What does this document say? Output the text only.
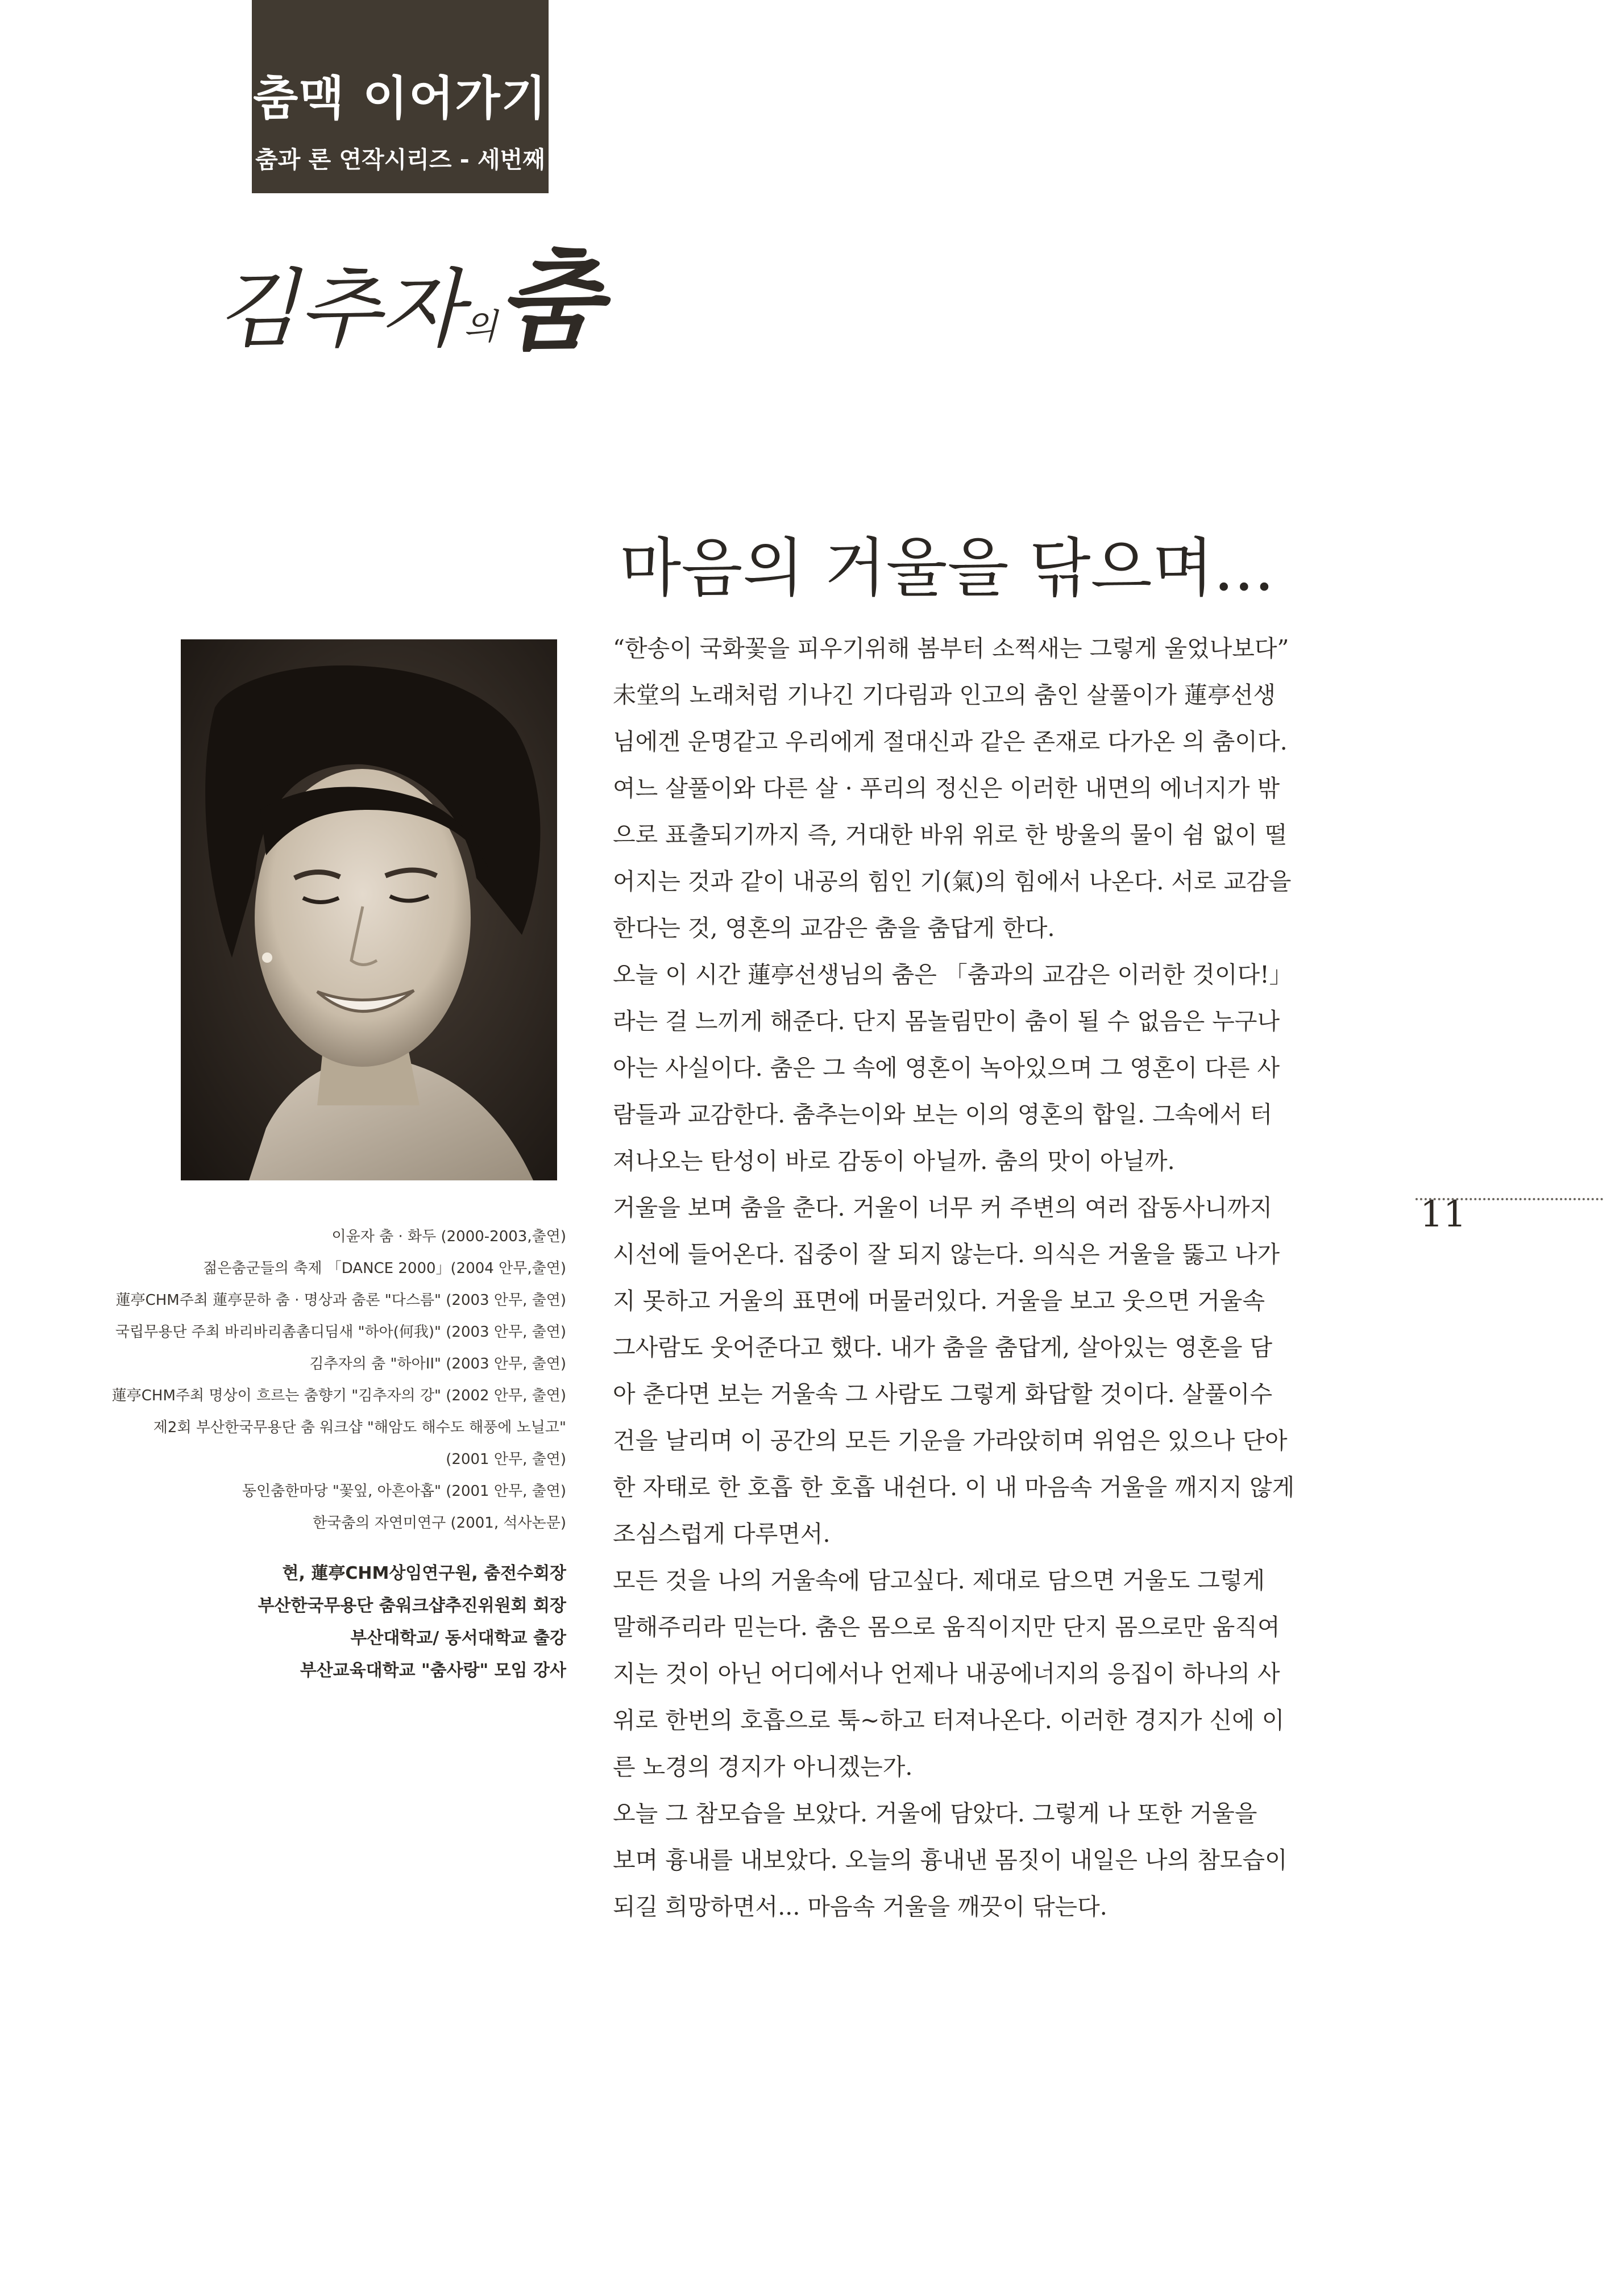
춤맥 이어가기
춤과 론 연작시리즈 - 세번째
김추자의춤
마음의 거울을 닦으며...
이윤자 춤 · 화두 (2000-2003,출연)
젊은춤군들의 축제 「DANCE 2000」(2004 안무,출연)
蓮亭CHM주최 蓮亭문하 춤 · 명상과 춤론 "다스름" (2003 안무, 출연)
국립무용단 주최 바리바리촘촘디딤새 "하아(何我)" (2003 안무, 출연)
김추자의 춤 "하아II" (2003 안무, 출연)
蓮亭CHM주최 명상이 흐르는 춤향기 "김추자의 강" (2002 안무, 출연)
제2회 부산한국무용단 춤 워크샵 "해암도 해수도 해풍에 노닐고"
(2001 안무, 출연)
동인춤한마당 "꽃잎, 아흔아홉" (2001 안무, 출연)
한국춤의 자연미연구 (2001, 석사논문)
현, 蓮亭CHM상임연구원, 춤전수회장
부산한국무용단 춤워크샵추진위원회 회장
부산대학교/ 동서대학교 출강
부산교육대학교 "춤사랑" 모임 강사
“한송이 국화꽃을 피우기위해 봄부터 소쩍새는 그렇게 울었나보다”
未堂의 노래처럼 기나긴 기다림과 인고의 춤인 살풀이가 蓮亭선생
님에겐 운명같고 우리에게 절대신과 같은 존재로 다가온 의 춤이다.
여느 살풀이와 다른 살 · 푸리의 정신은 이러한 내면의 에너지가 밖
으로 표출되기까지 즉, 거대한 바위 위로 한 방울의 물이 쉼 없이 떨
어지는 것과 같이 내공의 힘인 기(氣)의 힘에서 나온다. 서로 교감을
한다는 것, 영혼의 교감은 춤을 춤답게 한다.
오늘 이 시간 蓮亭선생님의 춤은 「춤과의 교감은 이러한 것이다!」
라는 걸 느끼게 해준다. 단지 몸놀림만이 춤이 될 수 없음은 누구나
아는 사실이다. 춤은 그 속에 영혼이 녹아있으며 그 영혼이 다른 사
람들과 교감한다. 춤추는이와 보는 이의 영혼의 합일. 그속에서 터
져나오는 탄성이 바로 감동이 아닐까. 춤의 맛이 아닐까.
거울을 보며 춤을 춘다. 거울이 너무 커 주변의 여러 잡동사니까지
시선에 들어온다. 집중이 잘 되지 않는다. 의식은 거울을 뚫고 나가
지 못하고 거울의 표면에 머물러있다. 거울을 보고 웃으면 거울속
그사람도 웃어준다고 했다. 내가 춤을 춤답게, 살아있는 영혼을 담
아 춘다면 보는 거울속 그 사람도 그렇게 화답할 것이다. 살풀이수
건을 날리며 이 공간의 모든 기운을 가라앉히며 위엄은 있으나 단아
한 자태로 한 호흡 한 호흡 내쉰다. 이 내 마음속 거울을 깨지지 않게
조심스럽게 다루면서.
모든 것을 나의 거울속에 담고싶다. 제대로 담으면 거울도 그렇게
말해주리라 믿는다. 춤은 몸으로 움직이지만 단지 몸으로만 움직여
지는 것이 아닌 어디에서나 언제나 내공에너지의 응집이 하나의 사
위로 한번의 호흡으로 툭~하고 터져나온다. 이러한 경지가 신에 이
른 노경의 경지가 아니겠는가.
오늘 그 참모습을 보았다. 거울에 담았다. 그렇게 나 또한 거울을
보며 흉내를 내보았다. 오늘의 흉내낸 몸짓이 내일은 나의 참모습이
되길 희망하면서... 마음속 거울을 깨끗이 닦는다.
11
